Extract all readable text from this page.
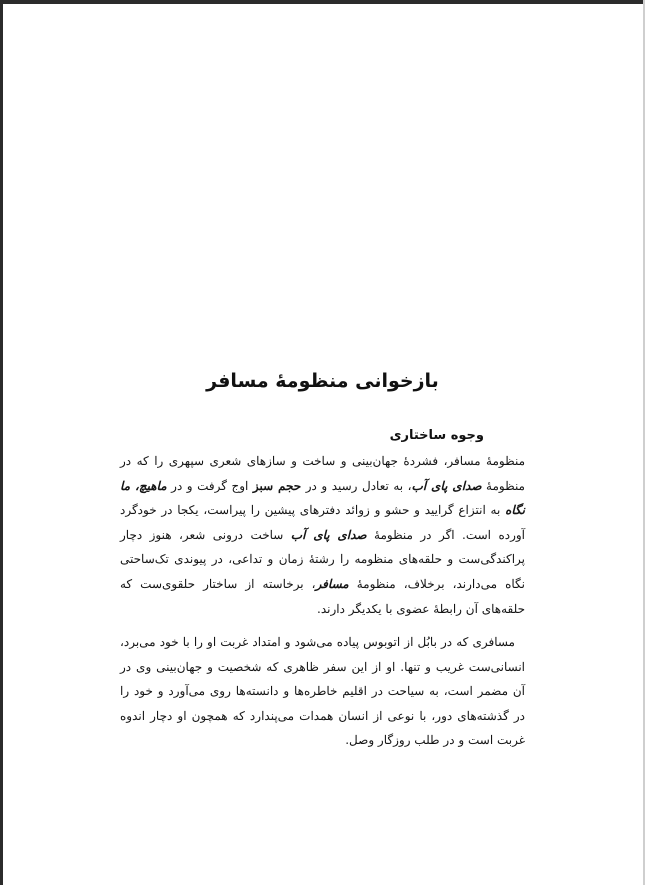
بازخوانی منظومهٔ مسافر
وجوه ساختاری

منظومهٔ مسافر، فشردهٔ جهان‌بینی و ساخت و سازهای شعری سپهری را که در منظومهٔ صدای پای آب، به تعادل رسید و در حجم سبز اوج گرفت و در ماهیچ، ما نگاه به انتزاع گرایید و حشو و زوائد دفترهای پیشین را پیراست، یکجا در خودگرد آورده است. اگر در منظومهٔ صدای پای آب ساخت درونی شعر، هنوز دچار پراکندگی‌ست و حلقه‌های منظومه را رشتهٔ زمان و تداعی، در پیوندی تک‌ساحتی نگاه می‌دارند، برخلاف، منظومهٔ مسافر، برخاسته از ساختار حلقوی‌ست که حلقه‌های آن رابطهٔ عضوی با یکدیگر دارند.

مسافری که در بابُل از اتوبوس پیاده می‌شود و امتداد غربت او را با خود می‌برد، انسانی‌ست غریب و تنها. او از این سفر ظاهری که شخصیت و جهان‌بینی وی در آن مضمر است، به سیاحت در اقلیم خاطره‌ها و دانسته‌ها روی می‌آورد و خود را در گذشته‌های دور، با نوعی از انسان همدات می‌پندارد که همچون او دچار اندوه غربت است و در طلب روزگار وصل.
